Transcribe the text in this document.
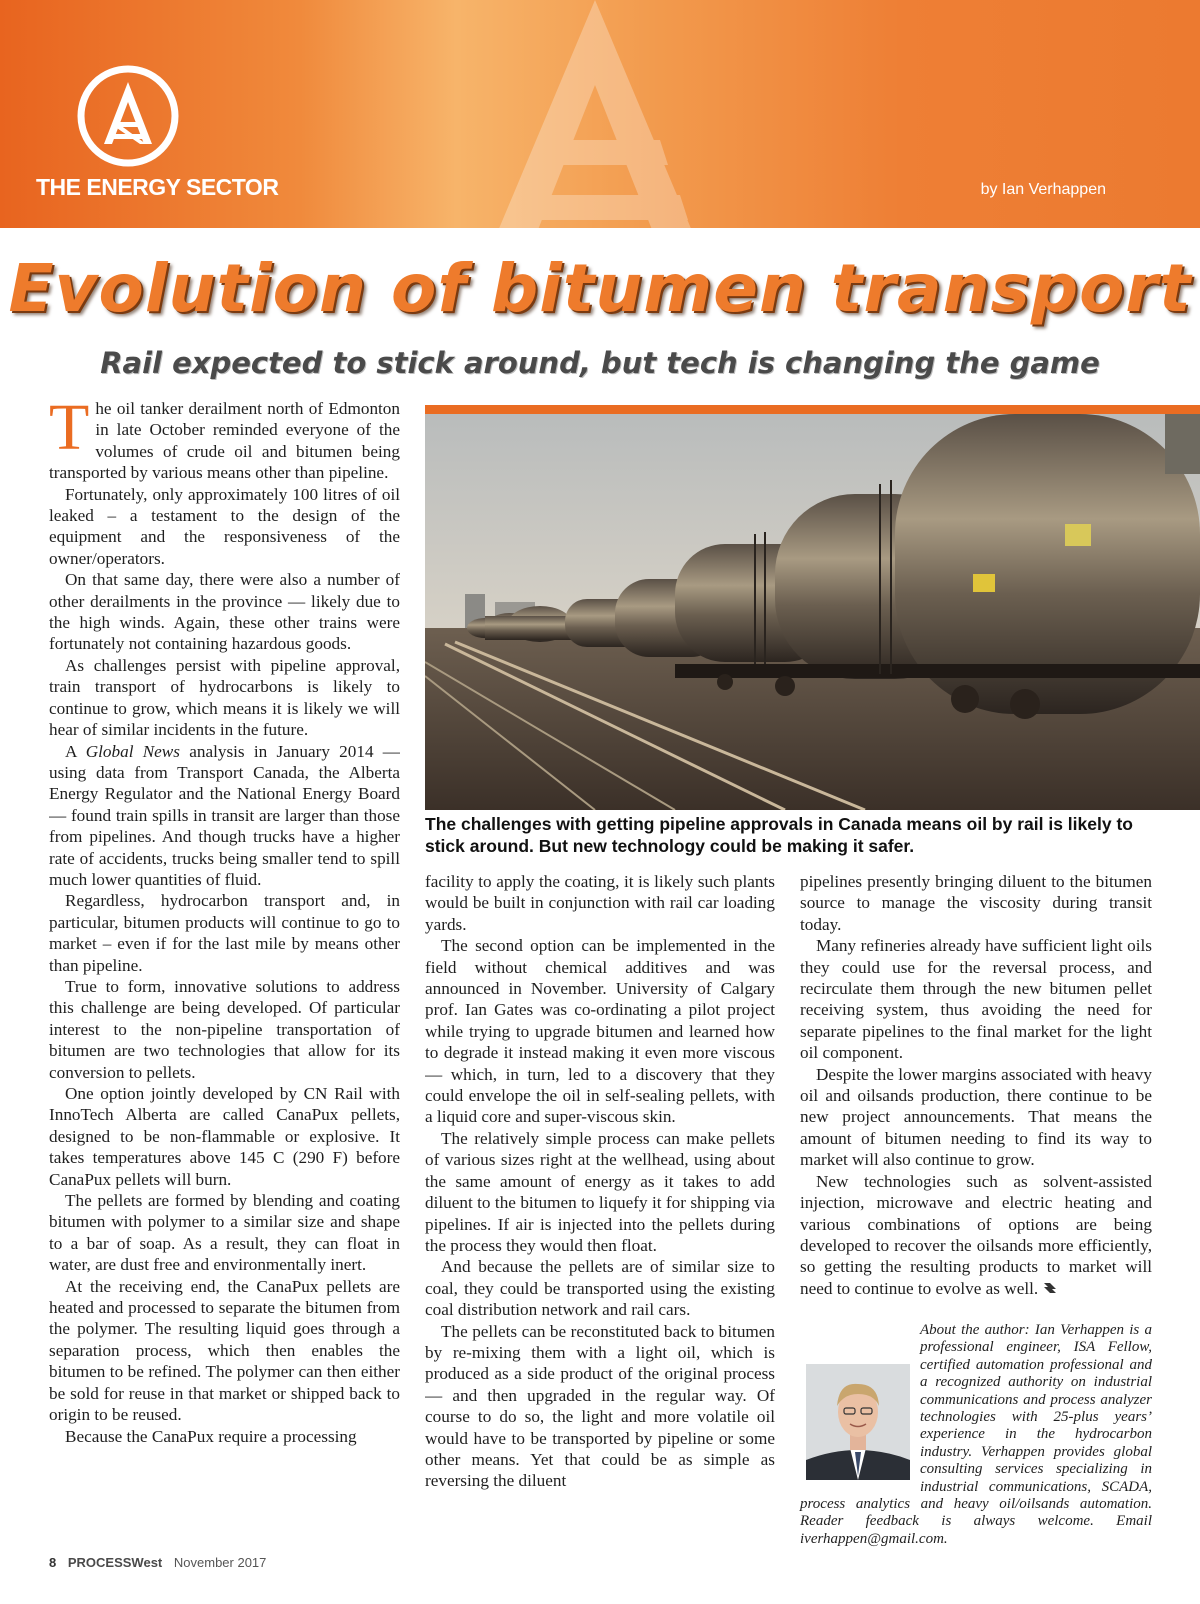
THE ENERGY SECTOR	by Ian Verhappen
Evolution of bitumen transport
Rail expected to stick around, but tech is changing the game

The oil tanker derailment north of Edmonton in late October reminded everyone of the volumes of crude oil and bitumen being transported by various means other than pipeline.

Fortunately, only approximately 100 litres of oil leaked – a testament to the design of the equipment and the responsiveness of the owner/operators.

On that same day, there were also a number of other derailments in the province — likely due to the high winds. Again, these other trains were fortunately not containing hazardous goods.

As challenges persist with pipeline approval, train transport of hydrocarbons is likely to continue to grow, which means it is likely we will hear of similar incidents in the future.

A Global News analysis in January 2014 — using data from Transport Canada, the Alberta Energy Regulator and the National Energy Board — found train spills in transit are larger than those from pipelines. And though trucks have a higher rate of accidents, trucks being smaller tend to spill much lower quantities of fluid.

Regardless, hydrocarbon transport and, in particular, bitumen products will continue to go to market – even if for the last mile by means other than pipeline.

True to form, innovative solutions to address this challenge are being developed. Of particular interest to the non-pipeline transportation of bitumen are two technologies that allow for its conversion to pellets.

One option jointly developed by CN Rail with InnoTech Alberta are called CanaPux pellets, designed to be non-flammable or explosive. It takes temperatures above 145 C (290 F) before CanaPux pellets will burn.

The pellets are formed by blending and coating bitumen with polymer to a similar size and shape to a bar of soap. As a result, they can float in water, are dust free and environmentally inert.

At the receiving end, the CanaPux pellets are heated and processed to separate the bitumen from the polymer. The resulting liquid goes through a separation process, which then enables the bitumen to be refined. The polymer can then either be sold for reuse in that market or shipped back to origin to be reused.

Because the CanaPux require a processing

The challenges with getting pipeline approvals in Canada means oil by rail is likely to stick around. But new technology could be making it safer.

facility to apply the coating, it is likely such plants would be built in conjunction with rail car loading yards.

The second option can be implemented in the field without chemical additives and was announced in November. University of Calgary prof. Ian Gates was co-ordinating a pilot project while trying to upgrade bitumen and learned how to degrade it instead making it even more viscous — which, in turn, led to a discovery that they could envelope the oil in self-sealing pellets, with a liquid core and super-viscous skin.

The relatively simple process can make pellets of various sizes right at the wellhead, using about the same amount of energy as it takes to add diluent to the bitumen to liquefy it for shipping via pipelines. If air is injected into the pellets during the process they would then float.

And because the pellets are of similar size to coal, they could be transported using the existing coal distribution network and rail cars.

The pellets can be reconstituted back to bitumen by re-mixing them with a light oil, which is produced as a side product of the original process — and then upgraded in the regular way. Of course to do so, the light and more volatile oil would have to be transported by pipeline or some other means. Yet that could be as simple as reversing the diluent

pipelines presently bringing diluent to the bitumen source to manage the viscosity during transit today.

Many refineries already have sufficient light oils they could use for the reversal process, and recirculate them through the new bitumen pellet receiving system, thus avoiding the need for separate pipelines to the final market for the light oil component.

Despite the lower margins associated with heavy oil and oilsands production, there continue to be new project announcements. That means the amount of bitumen needing to find its way to market will also continue to grow.

New technologies such as solvent-assisted injection, microwave and electric heating and various combinations of options are being developed to recover the oilsands more efficiently, so getting the resulting products to market will need to continue to evolve as well.

About the author: Ian Verhappen is a professional engineer, ISA Fellow, certified automation professional and a recognized authority on industrial communications and process analyzer technologies with 25-plus years’ experience in the hydrocarbon industry. Verhappen provides global consulting services specializing in industrial communications, SCADA, process analytics and heavy oil/oilsands automation. Reader feedback is always welcome. Email iverhappen@gmail.com.
8 PROCESSWest November 2017
